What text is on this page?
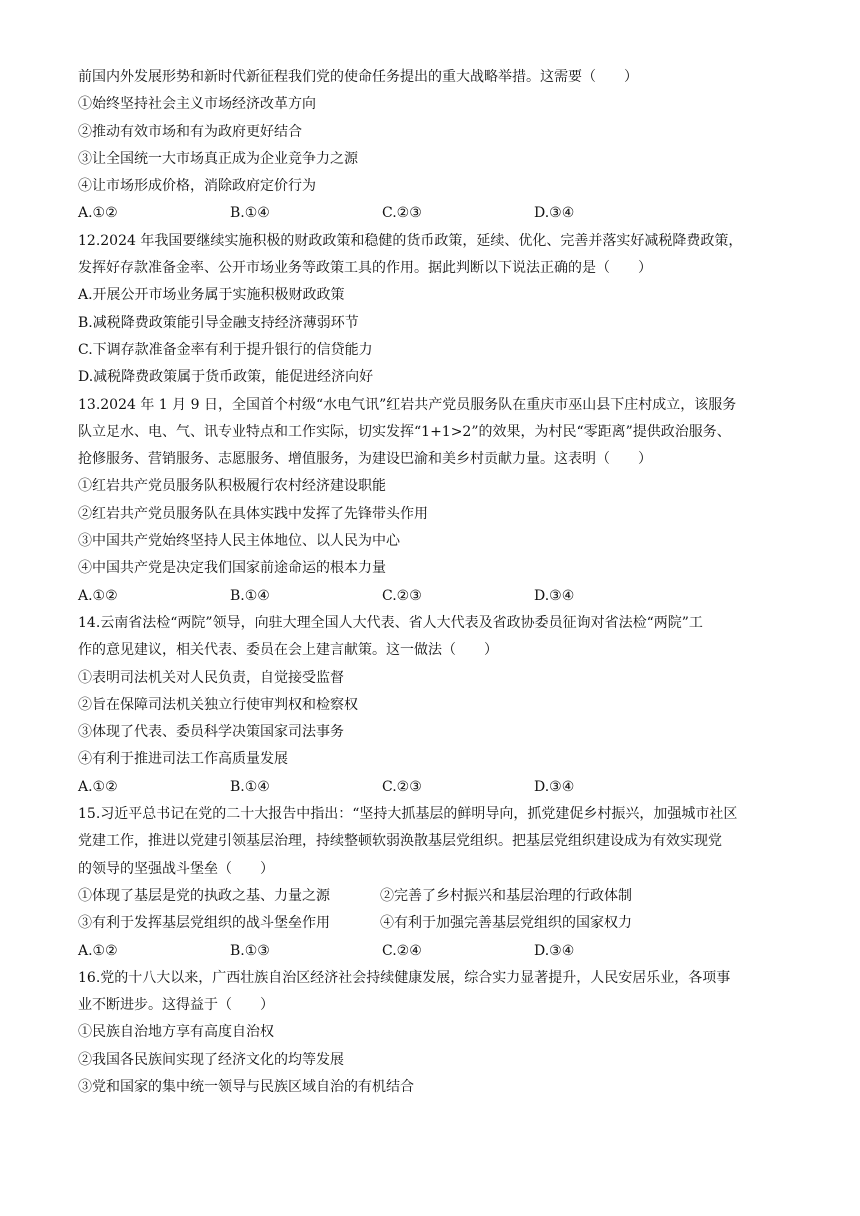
前国内外发展形势和新时代新征程我们党的使命任务提出的重大战略举措。这需要（　　）
①始终坚持社会主义市场经济改革方向
②推动有效市场和有为政府更好结合
③让全国统一大市场真正成为企业竞争力之源
④让市场形成价格，消除政府定价行为
A.①②	B.①④	C.②③	D.③④
12.2024 年我国要继续实施积极的财政政策和稳健的货币政策，延续、优化、完善并落实好减税降费政策，
发挥好存款准备金率、公开市场业务等政策工具的作用。据此判断以下说法正确的是（　　）
A.开展公开市场业务属于实施积极财政政策
B.减税降费政策能引导金融支持经济薄弱环节
C.下调存款准备金率有利于提升银行的信贷能力
D.减税降费政策属于货币政策，能促进经济向好
13.2024 年 1 月 9 日，全国首个村级“水电气讯”红岩共产党员服务队在重庆市巫山县下庄村成立，该服务
队立足水、电、气、讯专业特点和工作实际，切实发挥“1+1>2”的效果，为村民“零距离”提供政治服务、
抢修服务、营销服务、志愿服务、增值服务，为建设巴渝和美乡村贡献力量。这表明（　　）
①红岩共产党员服务队积极履行农村经济建设职能
②红岩共产党员服务队在具体实践中发挥了先锋带头作用
③中国共产党始终坚持人民主体地位、以人民为中心
④中国共产党是决定我们国家前途命运的根本力量
A.①②	B.①④	C.②③	D.③④
14.云南省法检“两院”领导，向驻大理全国人大代表、省人大代表及省政协委员征询对省法检“两院”工
作的意见建议，相关代表、委员在会上建言献策。这一做法（　　）
①表明司法机关对人民负责，自觉接受监督
②旨在保障司法机关独立行使审判权和检察权
③体现了代表、委员科学决策国家司法事务
④有利于推进司法工作高质量发展
A.①②	B.①④	C.②③	D.③④
15.习近平总书记在党的二十大报告中指出：“坚持大抓基层的鲜明导向，抓党建促乡村振兴，加强城市社区
党建工作，推进以党建引领基层治理，持续整顿软弱涣散基层党组织。把基层党组织建设成为有效实现党
的领导的坚强战斗堡垒（　　）
①体现了基层是党的执政之基、力量之源	②完善了乡村振兴和基层治理的行政体制
③有利于发挥基层党组织的战斗堡垒作用	④有利于加强完善基层党组织的国家权力
A.①②	B.①③	C.②④	D.③④
16.党的十八大以来，广西壮族自治区经济社会持续健康发展，综合实力显著提升，人民安居乐业，各项事
业不断进步。这得益于（　　）
①民族自治地方享有高度自治权
②我国各民族间实现了经济文化的均等发展
③党和国家的集中统一领导与民族区域自治的有机结合
